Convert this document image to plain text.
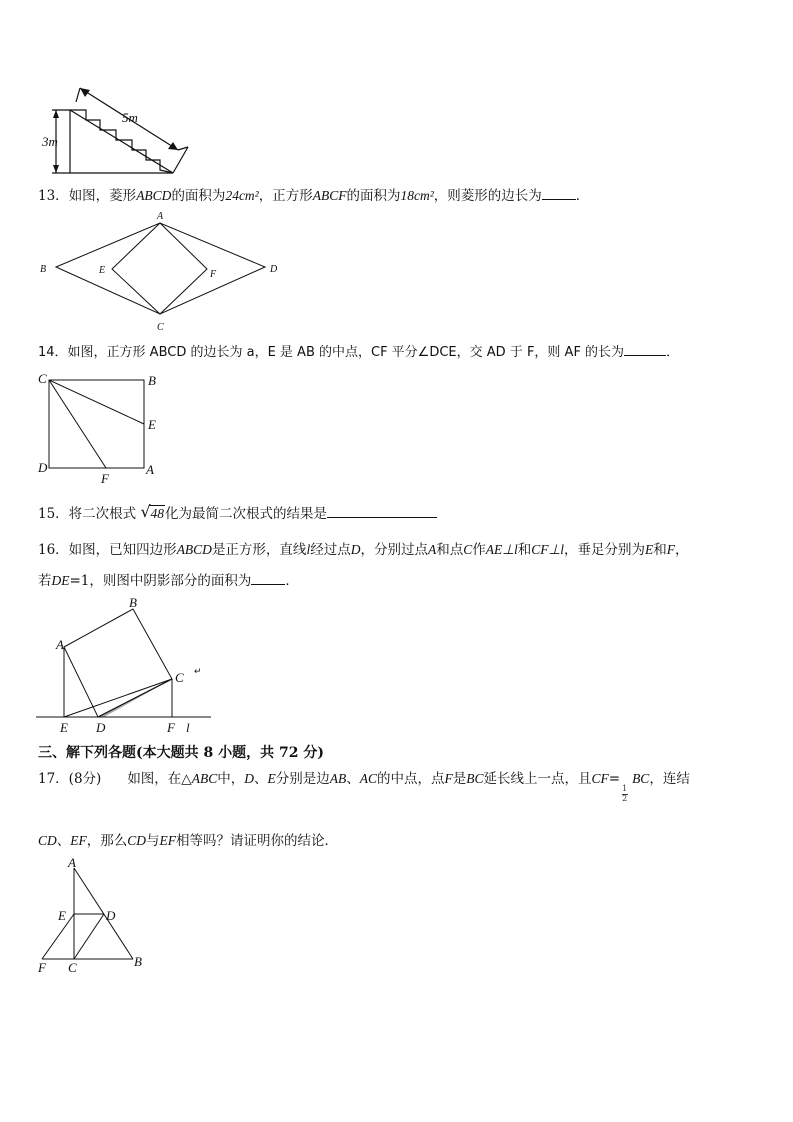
5m
3m
13．如图，菱形ABCD的面积为24cm²，正方形ABCF的面积为18cm²，则菱形的边长为	．
A
B
C
D
E	F
14．如图，正方形 ABCD 的边长为 a，E 是 AB 的中点，CF 平分∠DCE，交 AD 于 F，则 AF 的长为	．
C	B
E
D	A
F
15．将二次根式 √ 48化为最简二次根式的结果是
16．如图，已知四边形ABCD是正方形，直线l经过点D，分别过点A和点C作AE⊥l和CF⊥l，垂足分别为E和F，
若DE=1，则图中阴影部分的面积为	．
B
A
C ↵
E D	F l
三、解下列各题(本大题共 8 小题，共 72 分)
17．(8分) 如图，在△ABC中，D、E分别是边AB、AC的中点，点F是BC延长线上一点，且$CF= \frac{1}{2}$ BC，连结
CD、EF，那么CD与EF相等吗？请证明你的结论．
A
E	D
F C	B
